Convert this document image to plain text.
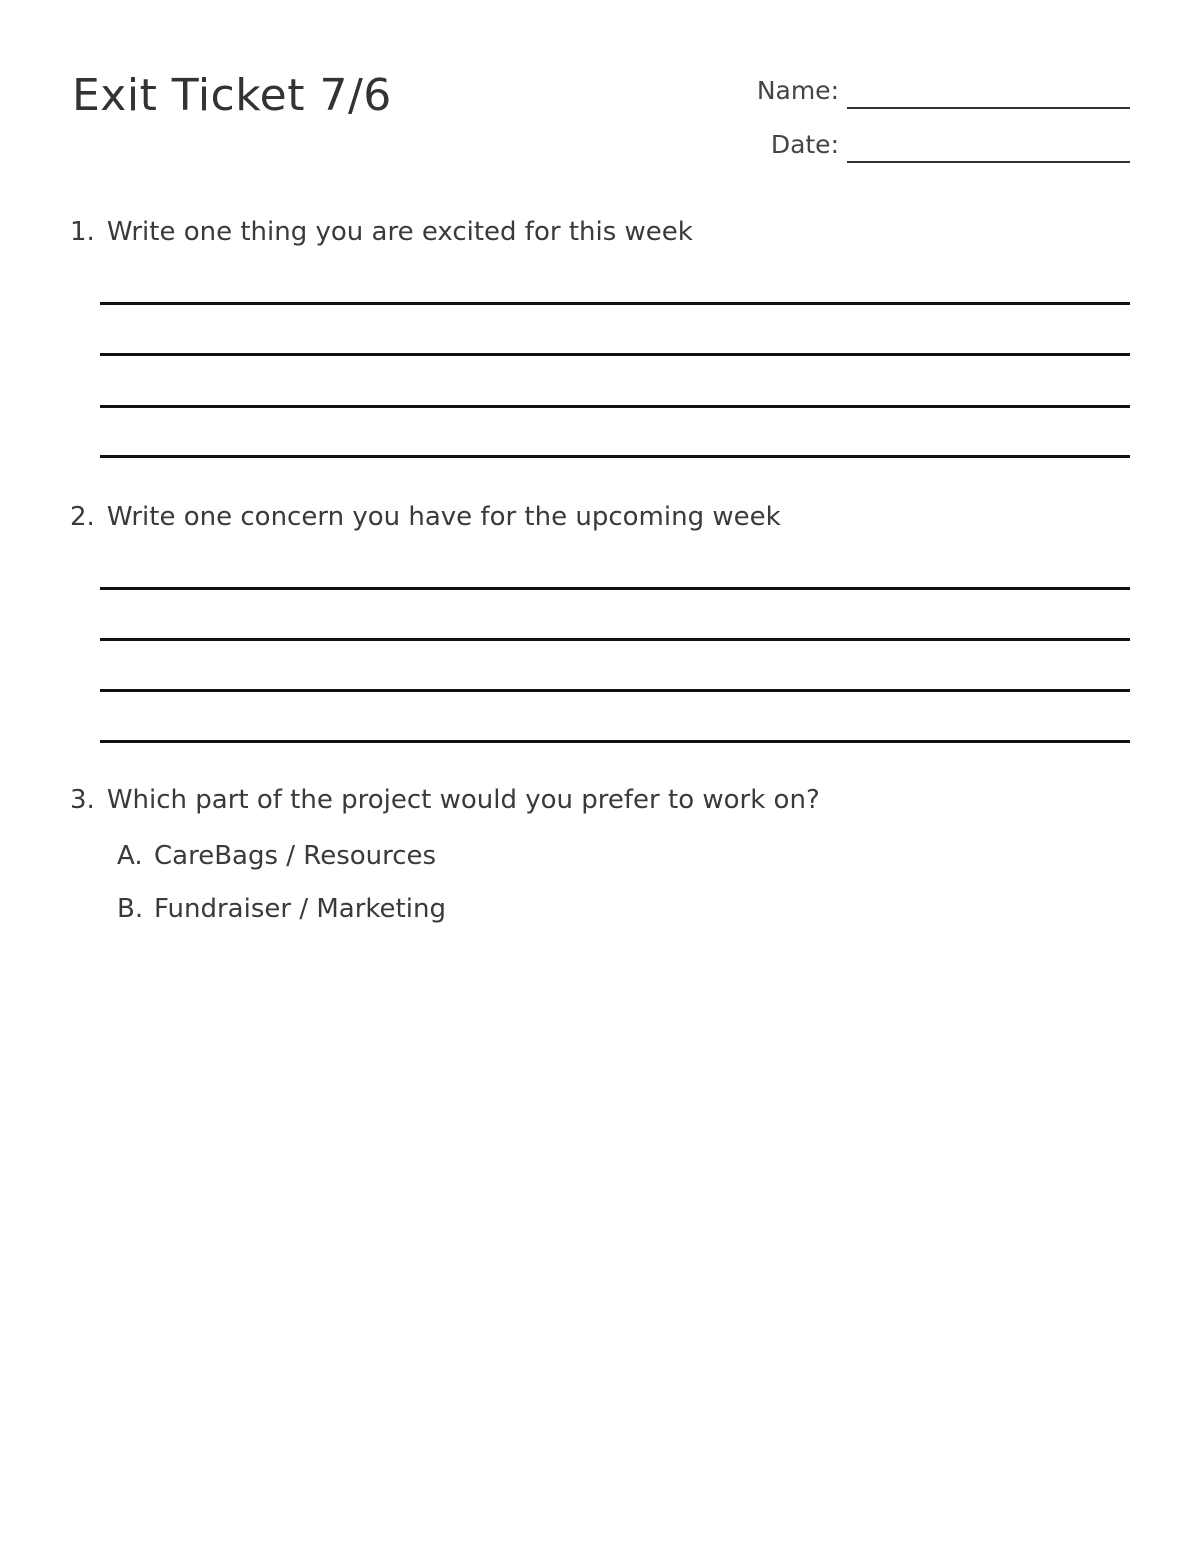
Exit Ticket 7/6	Name:
Date:
1. Write one thing you are excited for this week
2. Write one concern you have for the upcoming week
3. Which part of the project would you prefer to work on?
A. CareBags / Resources
B. Fundraiser / Marketing
